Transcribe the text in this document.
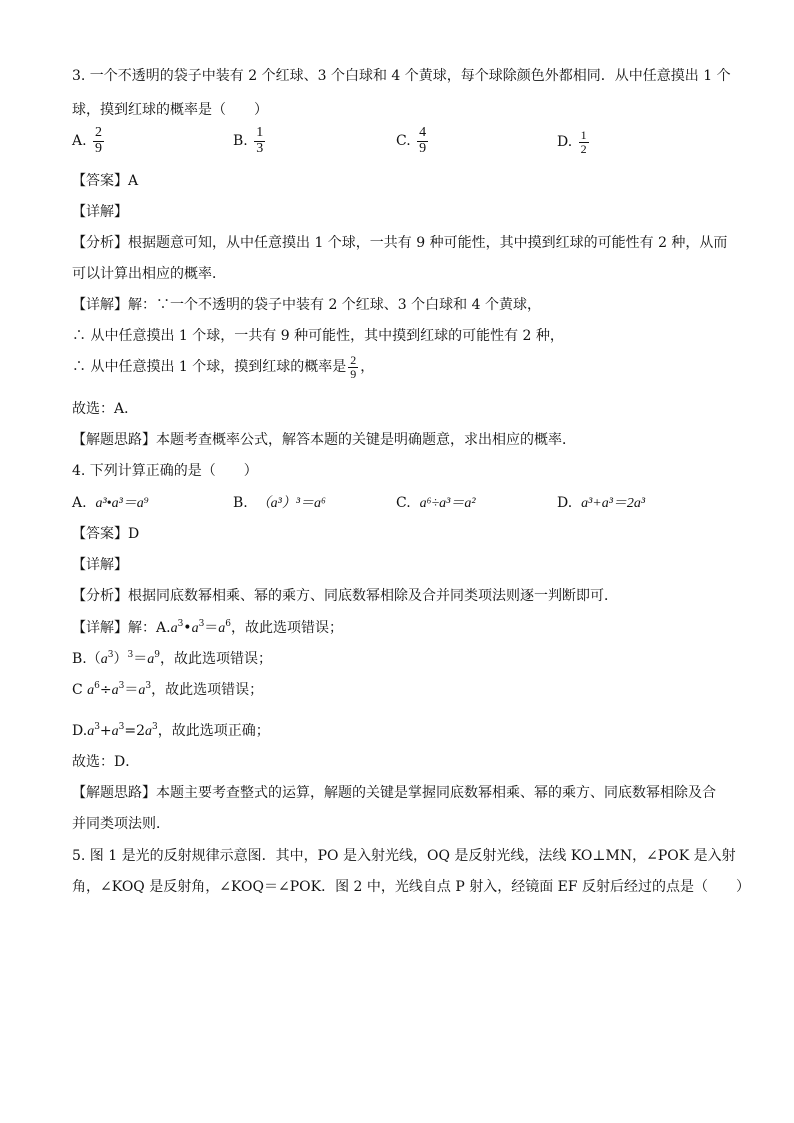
3. 一个不透明的袋子中装有 2 个红球、3 个白球和 4 个黄球，每个球除颜色外都相同．从中任意摸出 1 个
球，摸到红球的概率是（　　）
A. $\frac{2}{9}$	B. $\frac{1}{3}$	C. $\frac{4}{9}$	D. $\frac{1}{2}$
【答案】A
【详解】
【分析】根据题意可知，从中任意摸出 1 个球，一共有 9 种可能性，其中摸到红球的可能性有 2 种，从而
可以计算出相应的概率．
【详解】解：∵一个不透明的袋子中装有 2 个红球、3 个白球和 4 个黄球，
∴ 从中任意摸出 1 个球，一共有 9 种可能性，其中摸到红球的可能性有 2 种，
∴ 从中任意摸出 1 个球，摸到红球的概率是 $\frac{2}{9}$ ，
故选：A．
【解题思路】本题考查概率公式，解答本题的关键是明确题意，求出相应的概率．
4. 下列计算正确的是（　　）
A. a³•a³＝a⁹	B. （a³）³＝a⁶	C. a⁶÷a³＝a²	D. a³+a³＝2a³
【答案】D
【详解】
【分析】根据同底数幂相乘、幂的乘方、同底数幂相除及合并同类项法则逐一判断即可．
【详解】解：$A.a^3•a^3=a^6$，故此选项错误；
$B.(a^3)^3=a^9$，故此选项错误；
C $a^6\div a^3=a^3$，故此选项错误；
$D.a^3+a^3=2a^3$，故此选项正确；
故选：D．
【解题思路】本题主要考查整式的运算，解题的关键是掌握同底数幂相乘、幂的乘方、同底数幂相除及合
并同类项法则．
5. 图 1 是光的反射规律示意图．其中，PO 是入射光线，OQ 是反射光线，法线 KO⊥MN，∠POK 是入射
角，∠KOQ 是反射角，∠KOQ＝∠POK．图 2 中，光线自点 P 射入，经镜面 EF 反射后经过的点是（　　）
